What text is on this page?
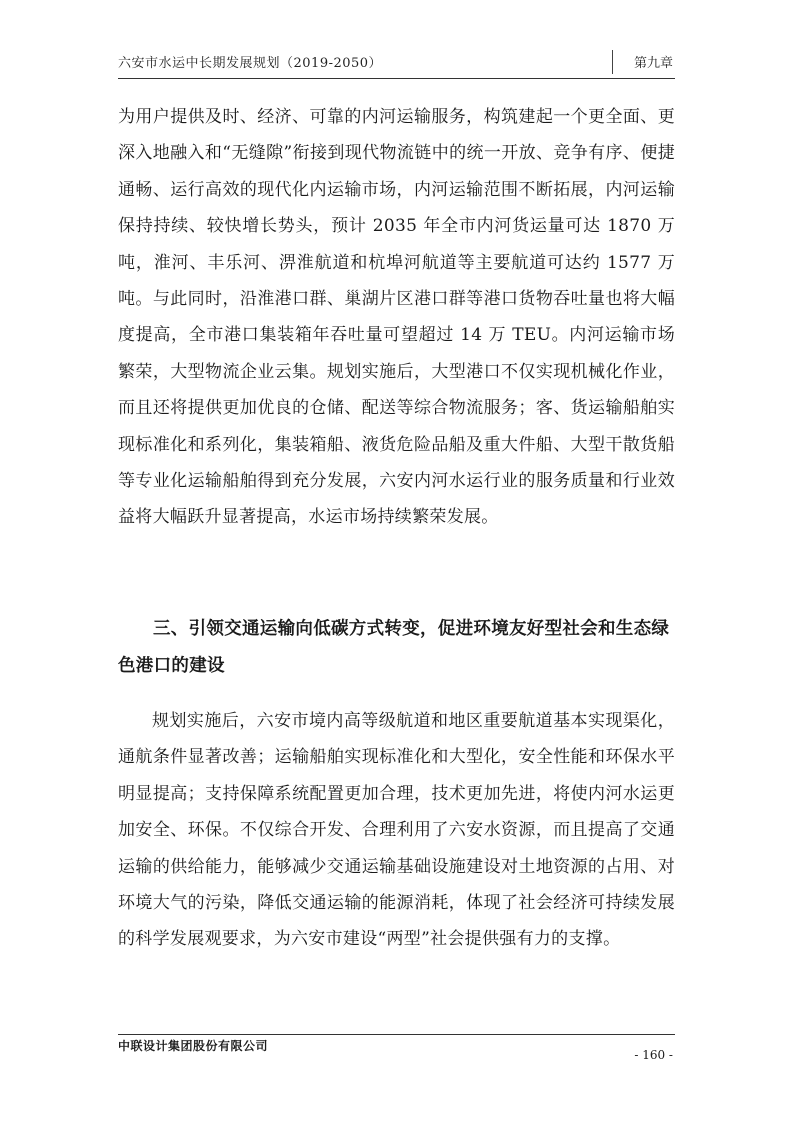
六安市水运中长期发展规划（2019-2050）	第九章

为用户提供及时、经济、可靠的内河运输服务，构筑建起一个更全面、更深入地融入和“无缝隙”衔接到现代物流链中的统一开放、竞争有序、便捷通畅、运行高效的现代化内运输市场，内河运输范围不断拓展，内河运输保持持续、较快增长势头，预计 2035 年全市内河货运量可达 1870 万吨，淮河、丰乐河、淠淮航道和杭埠河航道等主要航道可达约 1577 万吨。与此同时，沿淮港口群、巢湖片区港口群等港口货物吞吐量也将大幅度提高，全市港口集装箱年吞吐量可望超过 14 万 TEU。内河运输市场繁荣，大型物流企业云集。规划实施后，大型港口不仅实现机械化作业，而且还将提供更加优良的仓储、配送等综合物流服务；客、货运输船舶实现标准化和系列化，集装箱船、液货危险品船及重大件船、大型干散货船等专业化运输船舶得到充分发展，六安内河水运行业的服务质量和行业效益将大幅跃升显著提高，水运市场持续繁荣发展。

三、引领交通运输向低碳方式转变，促进环境友好型社会和生态绿色港口的建设

规划实施后，六安市境内高等级航道和地区重要航道基本实现渠化，通航条件显著改善；运输船舶实现标准化和大型化，安全性能和环保水平明显提高；支持保障系统配置更加合理，技术更加先进，将使内河水运更加安全、环保。不仅综合开发、合理利用了六安水资源，而且提高了交通运输的供给能力，能够减少交通运输基础设施建设对土地资源的占用、对环境大气的污染，降低交通运输的能源消耗，体现了社会经济可持续发展的科学发展观要求，为六安市建设“两型”社会提供强有力的支撑。

中联设计集团股份有限公司
- 160 -
